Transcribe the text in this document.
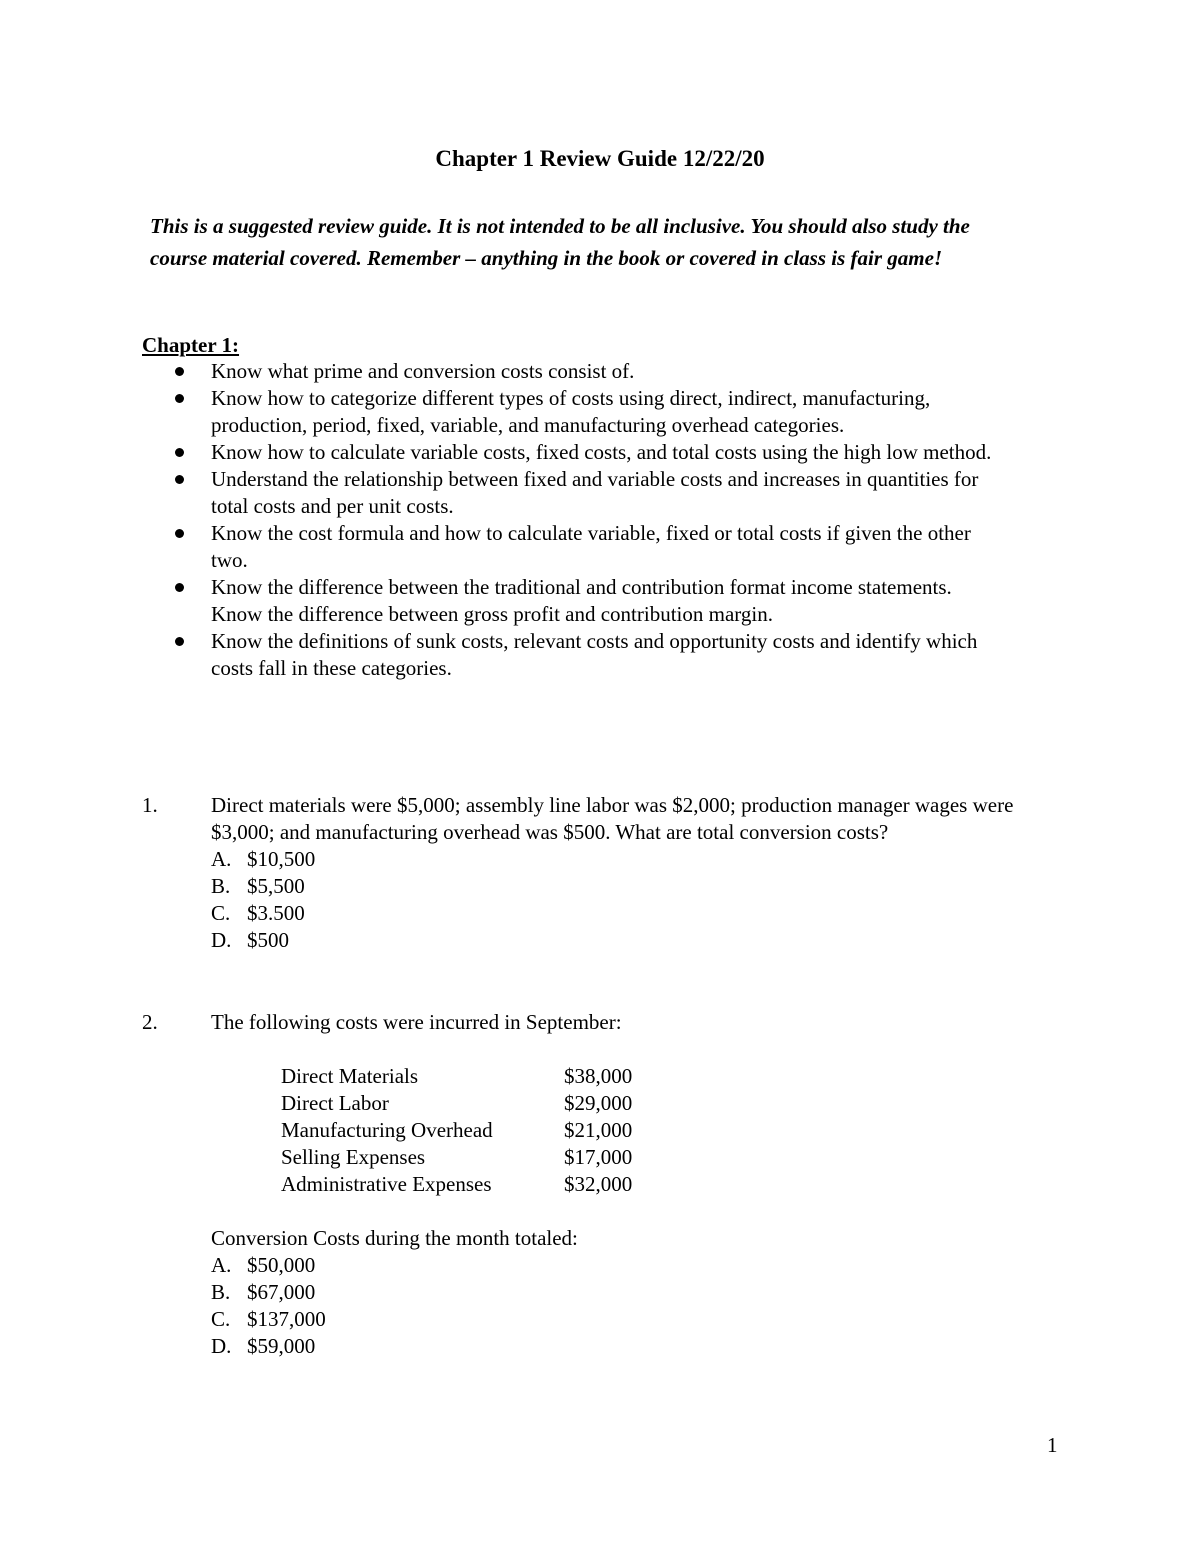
Chapter 1 Review Guide 12/22/20
This is a suggested review guide. It is not intended to be all inclusive. You should also study the course material covered. Remember – anything in the book or covered in class is fair game!
Chapter 1:
Know what prime and conversion costs consist of.
Know how to categorize different types of costs using direct, indirect, manufacturing, production, period, fixed, variable, and manufacturing overhead categories.
Know how to calculate variable costs, fixed costs, and total costs using the high low method.
Understand the relationship between fixed and variable costs and increases in quantities for total costs and per unit costs.
Know the cost formula and how to calculate variable, fixed or total costs if given the other two.
Know the difference between the traditional and contribution format income statements. Know the difference between gross profit and contribution margin.
Know the definitions of sunk costs, relevant costs and opportunity costs and identify which costs fall in these categories.
1.	Direct materials were $5,000; assembly line labor was $2,000; production manager wages were $3,000; and manufacturing overhead was $500. What are total conversion costs?
A. $10,500
B. $5,500
C. $3.500
D. $500
2.	The following costs were incurred in September:
Direct Materials	$38,000
Direct Labor	$29,000
Manufacturing Overhead	$21,000
Selling Expenses	$17,000
Administrative Expenses	$32,000
Conversion Costs during the month totaled:
A. $50,000
B. $67,000
C. $137,000
D. $59,000
1
